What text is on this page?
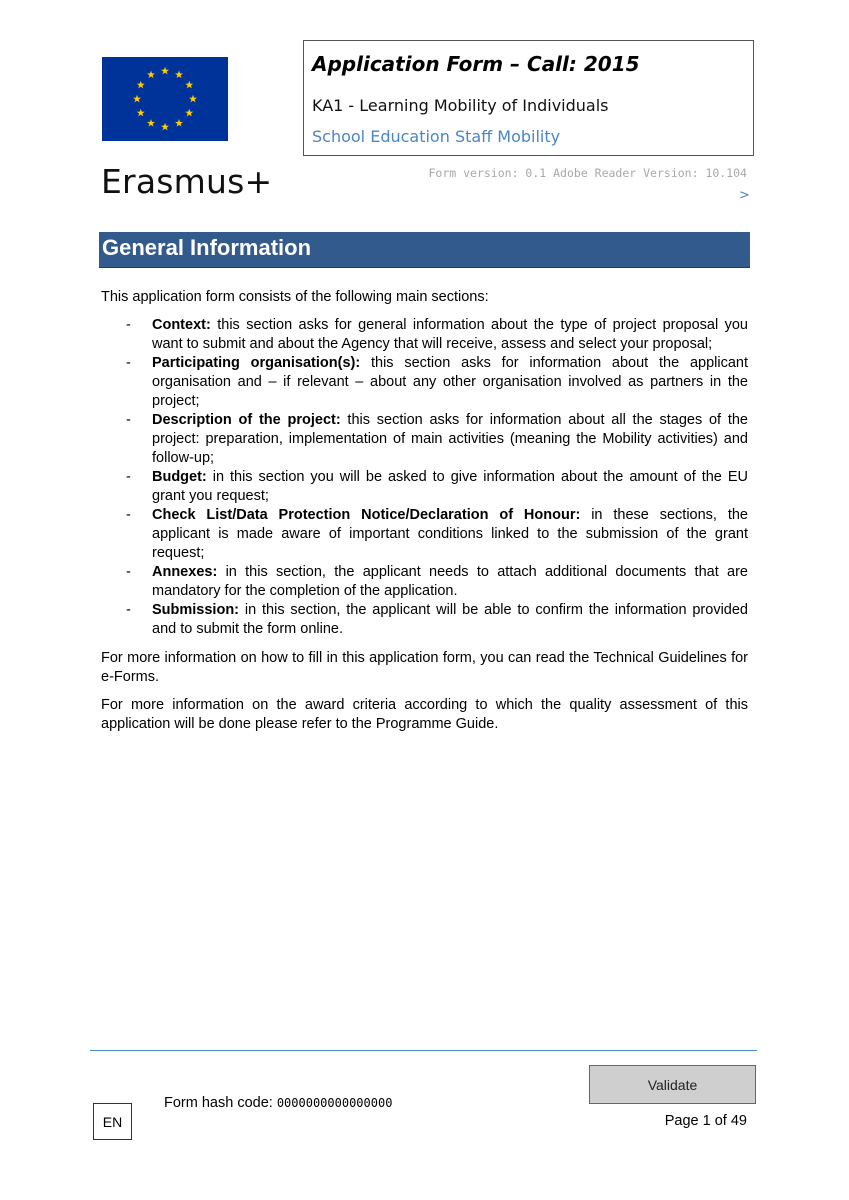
Erasmus+
Application Form – Call: 2015
KA1 - Learning Mobility of Individuals
School Education Staff Mobility
Form version: 0.1 Adobe Reader Version: 10.104
>
General Information

This application form consists of the following main sections:

- Context: this section asks for general information about the type of project proposal you want to submit and about the Agency that will receive, assess and select your proposal;
- Participating organisation(s): this section asks for information about the applicant organisation and – if relevant – about any other organisation involved as partners in the project;
- Description of the project: this section asks for information about all the stages of the project: preparation, implementation of main activities (meaning the Mobility activities) and follow-up;
- Budget: in this section you will be asked to give information about the amount of the EU grant you request;
- Check List/Data Protection Notice/Declaration of Honour: in these sections, the applicant is made aware of important conditions linked to the submission of the grant request;
- Annexes: in this section, the applicant needs to attach additional documents that are mandatory for the completion of the application.
- Submission: in this section, the applicant will be able to confirm the information provided and to submit the form online.

For more information on how to fill in this application form, you can read the Technical Guidelines for e-Forms.

For more information on the award criteria according to which the quality assessment of this application will be done please refer to the Programme Guide.

Validate
Form hash code: 0000000000000000
EN	Page 1 of 49
